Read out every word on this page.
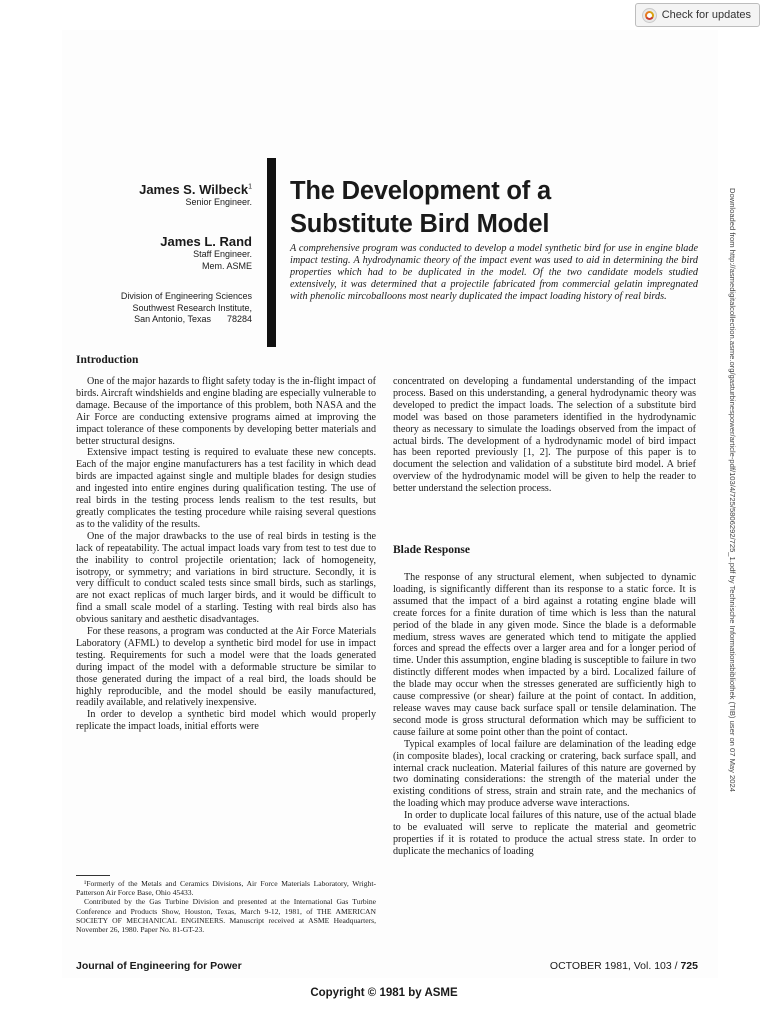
Check for updates
James S. Wilbeck$^1$
Senior Engineer.
James L. Rand
Staff Engineer.
Mem. ASME
Division of Engineering Sciences
Southwest Research Institute,
San Antonio, Texas 78284
The Development of a
Substitute Bird Model
A comprehensive program was conducted to develop a model synthetic bird for use in engine blade impact testing. A hydrodynamic theory of the impact event was used to aid in determining the bird properties which had to be duplicated in the model. Of the two candidate models studied extensively, it was determined that a projectile fabricated from commercial gelatin impregnated with phenolic mircoballoons most nearly duplicated the impact loading history of real birds.
Introduction

One of the major hazards to flight safety today is the in-flight impact of birds. Aircraft windshields and engine blading are especially vulnerable to damage. Because of the importance of this problem, both NASA and the Air Force are conducting extensive programs aimed at improving the impact tolerance of these components by developing better materials and better structural designs.

Extensive impact testing is required to evaluate these new concepts. Each of the major engine manufacturers has a test facility in which dead birds are impacted against single and multiple blades for design studies and ingested into entire engines during qualification testing. The use of real birds in the testing process lends realism to the test results, but greatly complicates the testing procedure while raising several questions as to the validity of the results.

One of the major drawbacks to the use of real birds in testing is the lack of repeatability. The actual impact loads vary from test to test due to the inability to control projectile orientation; lack of homogeneity, isotropy, or symmetry; and variations in bird structure. Secondly, it is very difficult to conduct scaled tests since small birds, such as starlings, are not exact replicas of much larger birds, and it would be difficult to find a small scale model of a starling. Testing with real birds also has obvious sanitary and aesthetic disadvantages.

For these reasons, a program was conducted at the Air Force Materials Laboratory (AFML) to develop a synthetic bird model for use in impact testing. Requirements for such a model were that the loads generated during impact of the model with a deformable structure be similar to those generated during the impact of a real bird, the loads should be highly reproducible, and the model should be easily manufactured, readily available, and relatively inexpensive.

In order to develop a synthetic bird model which would properly replicate the impact loads, initial efforts were

concentrated on developing a fundamental understanding of the impact process. Based on this understanding, a general hydrodynamic theory was developed to predict the impact loads. The selection of a substitute bird model was based on those parameters identified in the hydrodynamic theory as necessary to simulate the loadings observed from the impact of actual birds. The development of a hydrodynamic model of bird impact has been reported previously [1, 2]. The purpose of this paper is to document the selection and validation of a substitute bird model. A brief overview of the hydrodynamic model will be given to help the reader to better understand the selection process.

Blade Response

The response of any structural element, when subjected to dynamic loading, is significantly different than its response to a static force. It is assumed that the impact of a bird against a rotating engine blade will create forces for a finite duration of time which is less than the natural period of the blade in any given mode. Since the blade is a deformable medium, stress waves are generated which tend to mitigate the applied forces and spread the effects over a larger area and for a longer period of time. Under this assumption, engine blading is susceptible to failure in two distinctly different modes when impacted by a bird. Localized failure of the blade may occur when the stresses generated are sufficiently high to cause compressive (or shear) failure at the point of contact. In addition, release waves may cause back surface spall or tensile delamination. The second mode is gross structural deformation which may be sufficient to cause failure at some point other than the point of contact.

Typical examples of local failure are delamination of the leading edge (in composite blades), local cracking or cratering, back surface spall, and internal crack nucleation. Material failures of this nature are governed by two dominating considerations: the strength of the material under the existing conditions of stress, strain and strain rate, and the mechanics of the loading which may produce adverse wave interactions.

In order to duplicate local failures of this nature, use of the actual blade to be evaluated will serve to replicate the material and geometric properties if it is rotated to produce the actual stress state. In order to duplicate the mechanics of loading

¹Formerly of the Metals and Ceramics Divisions, Air Force Materials Laboratory, Wright-Patterson Air Force Base, Ohio 45433.

Contributed by the Gas Turbine Division and presented at the International Gas Turbine Conference and Products Show, Houston, Texas, March 9-12, 1981, of THE AMERICAN SOCIETY OF MECHANICAL ENGINEERS. Manuscript received at ASME Headquarters, November 26, 1980. Paper No. 81-GT-23.

Journal of Engineering for Power	OCTOBER 1981, Vol. 103 / 725
Copyright © 1981 by ASME
Downloaded from http://asmedigitalcollection.asme.org/gasturbinespower/article-pdf/103/4/725/5806292/725_1.pdf by Technische Informationsbibliothek (TIB) user on 07 May 2024
